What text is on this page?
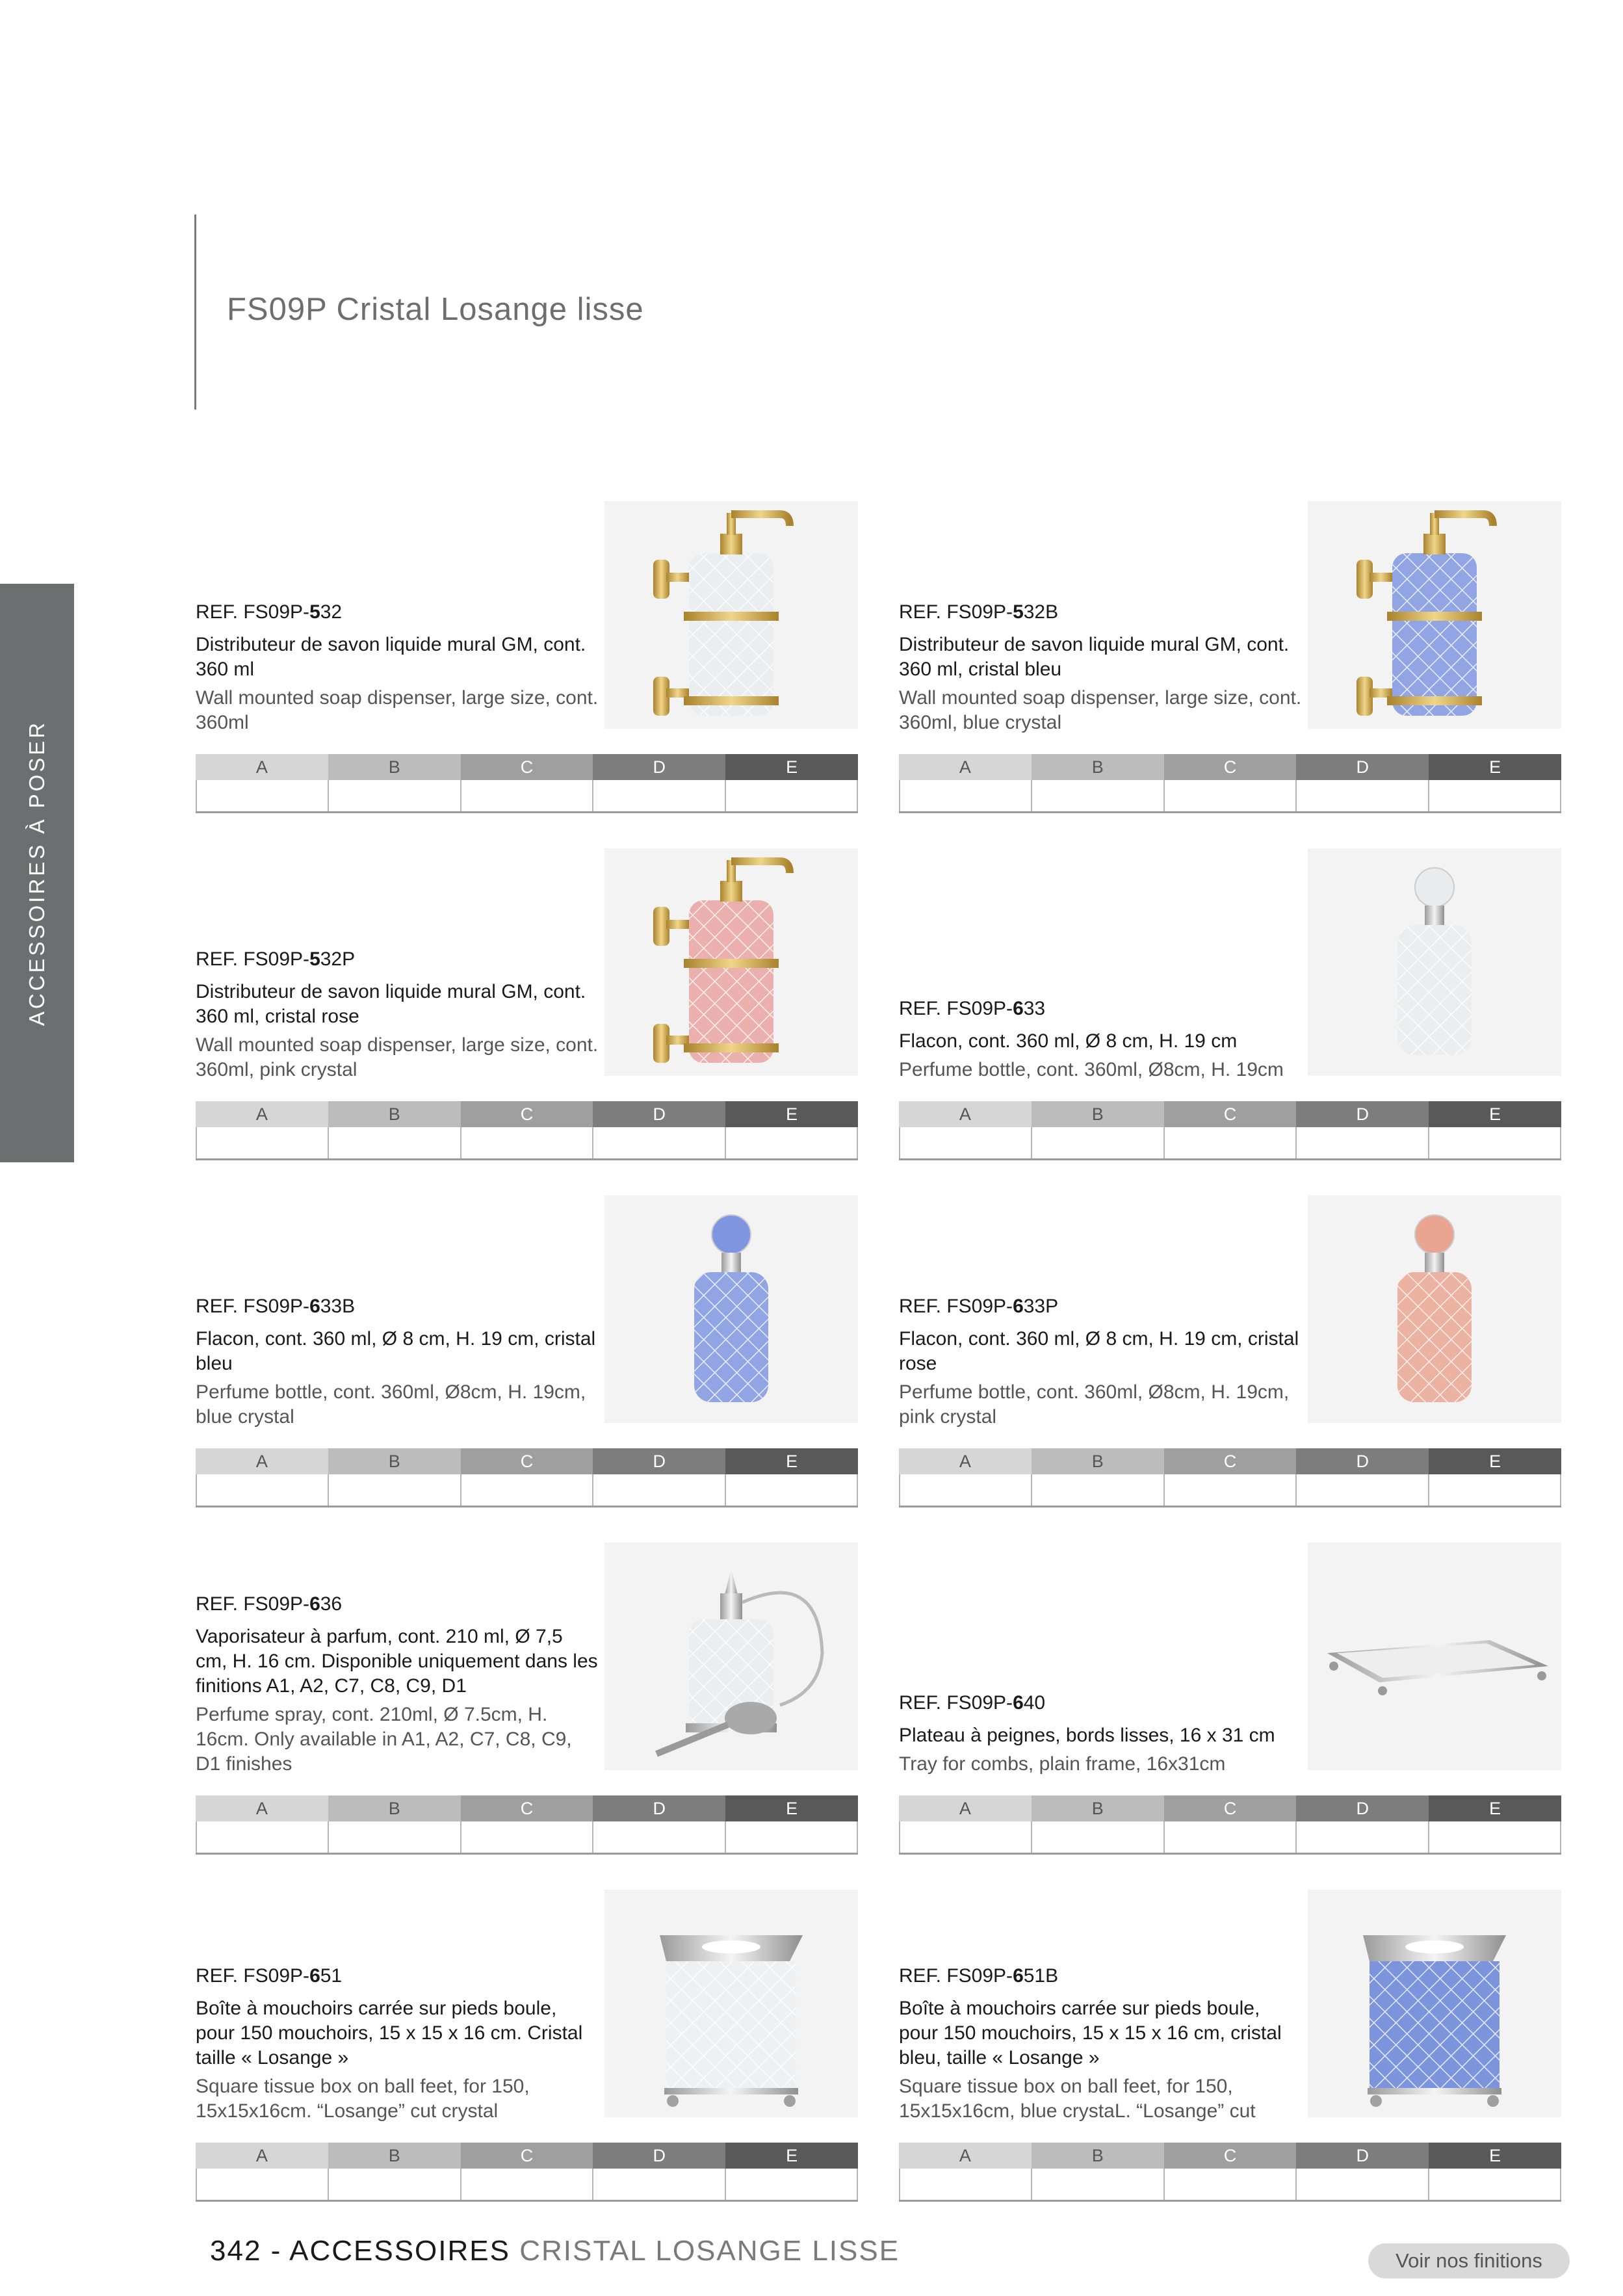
FS09P Cristal Losange lisse
ACCESSOIRES À POSER
REF. FS09P-532
Distributeur de savon liquide mural GM, cont. 360 ml
Wall mounted soap dispenser, large size, cont. 360ml
A	B	C	D	E
REF. FS09P-532B
Distributeur de savon liquide mural GM, cont. 360 ml, cristal bleu
Wall mounted soap dispenser, large size, cont. 360ml, blue crystal
A	B	C	D	E
REF. FS09P-532P
Distributeur de savon liquide mural GM, cont. 360 ml, cristal rose
Wall mounted soap dispenser, large size, cont. 360ml, pink crystal
A	B	C	D	E
REF. FS09P-633
Flacon, cont. 360 ml, Ø 8 cm, H. 19 cm
Perfume bottle, cont. 360ml, Ø8cm, H. 19cm
A	B	C	D	E
REF. FS09P-633B
Flacon, cont. 360 ml, Ø 8 cm, H. 19 cm, cristal bleu
Perfume bottle, cont. 360ml, Ø8cm, H. 19cm, blue crystal
A	B	C	D	E
REF. FS09P-633P
Flacon, cont. 360 ml, Ø 8 cm, H. 19 cm, cristal rose
Perfume bottle, cont. 360ml, Ø8cm, H. 19cm, pink crystal
A	B	C	D	E
REF. FS09P-636
Vaporisateur à parfum, cont. 210 ml, Ø 7,5 cm, H. 16 cm. Disponible uniquement dans les finitions A1, A2, C7, C8, C9, D1
Perfume spray, cont. 210ml, Ø 7.5cm, H. 16cm. Only available in A1, A2, C7, C8, C9, D1 finishes
A	B	C	D	E
REF. FS09P-640
Plateau à peignes, bords lisses, 16 x 31 cm
Tray for combs, plain frame, 16x31cm
A	B	C	D	E
REF. FS09P-651
Boîte à mouchoirs carrée sur pieds boule, pour 150 mouchoirs, 15 x 15 x 16 cm. Cristal taille « Losange »
Square tissue box on ball feet, for 150, 15x15x16cm. “Losange” cut crystal
A	B	C	D	E
REF. FS09P-651B
Boîte à mouchoirs carrée sur pieds boule, pour 150 mouchoirs, 15 x 15 x 16 cm, cristal bleu, taille « Losange »
Square tissue box on ball feet, for 150, 15x15x16cm, blue crystaL. “Losange” cut
A	B	C	D	E
342 - ACCESSOIRES CRISTAL LOSANGE LISSE	Voir nos finitions
